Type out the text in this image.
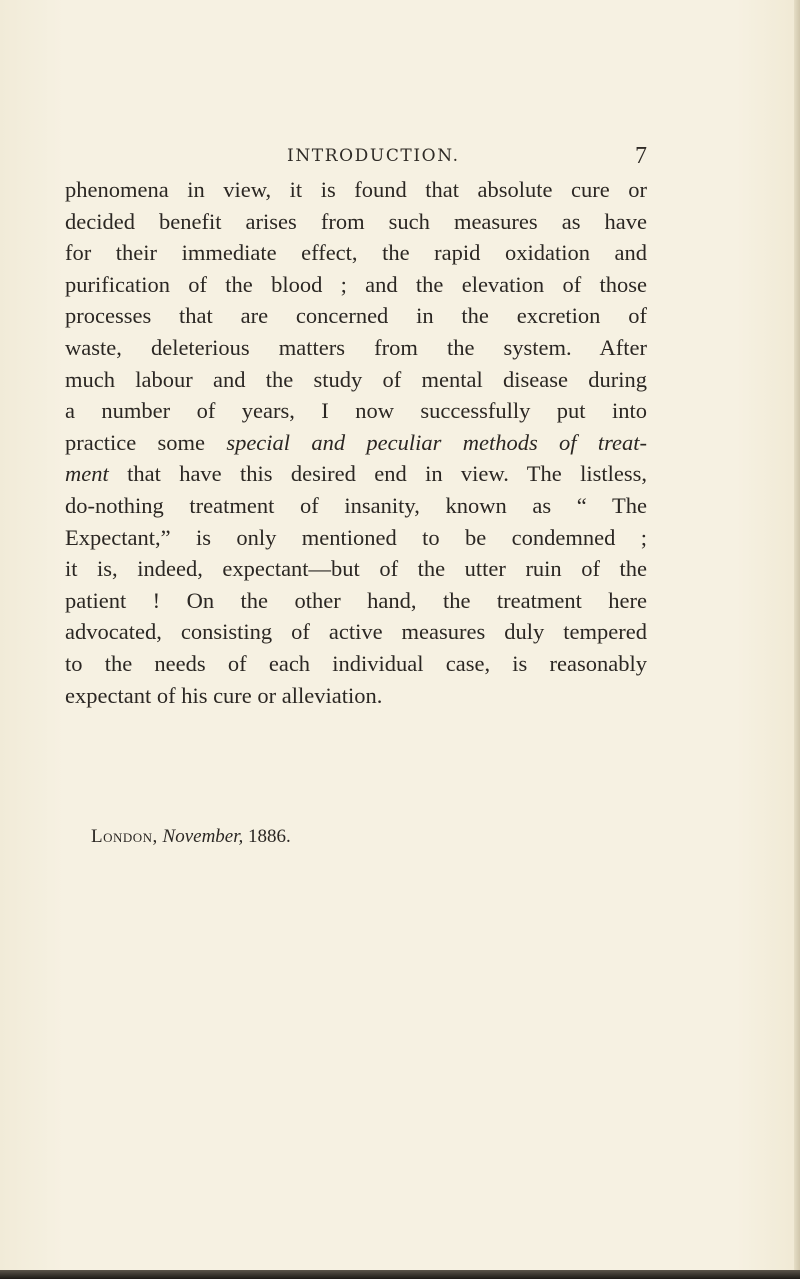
INTRODUCTION.	7
phenomena in view, it is found that absolute cure or
decided benefit arises from such measures as have
for their immediate effect, the rapid oxidation and
purification of the blood ; and the elevation of those
processes that are concerned in the excretion of
waste, deleterious matters from the system. After
much labour and the study of mental disease during
a number of years, I now successfully put into
practice some special and peculiar methods of treat-
ment that have this desired end in view. The listless,
do-nothing treatment of insanity, known as “ The
Expectant,” is only mentioned to be condemned ;
it is, indeed, expectant—but of the utter ruin of the
patient ! On the other hand, the treatment here
advocated, consisting of active measures duly tempered
to the needs of each individual case, is reasonably
expectant of his cure or alleviation.
London, November, 1886.
